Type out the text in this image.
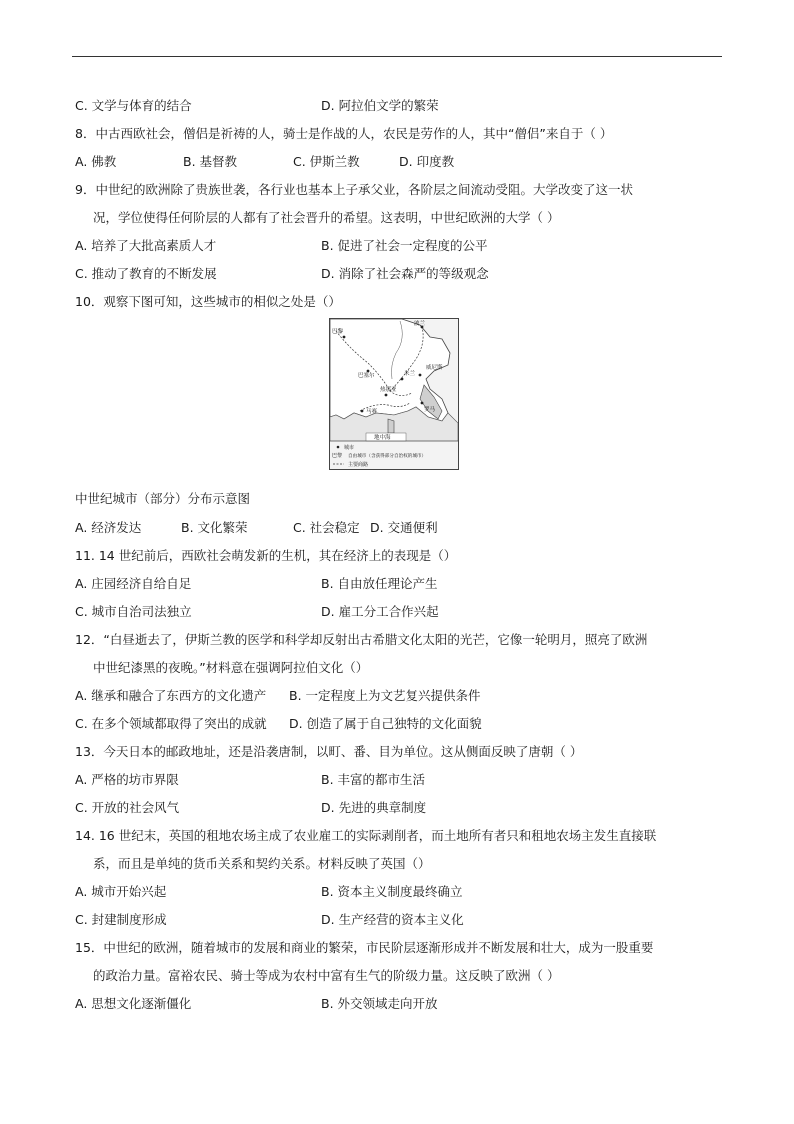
C. 文学与体育的结合	D. 阿拉伯文学的繁荣
8．中古西欧社会，僧侣是祈祷的人，骑士是作战的人，农民是劳作的人，其中“僧侣”来自于（ ）
A. 佛教	B. 基督教	C. 伊斯兰教	D. 印度教
9．中世纪的欧洲除了贵族世袭，各行业也基本上子承父业，各阶层之间流动受阻。大学改变了这一状
况，学位使得任何阶层的人都有了社会晋升的希望。这表明，中世纪欧洲的大学（ ）
A. 培养了大批高素质人才	B. 促进了社会一定程度的公平
C. 推动了教育的不断发展	D. 消除了社会森严的等级观念
10．观察下图可知，这些城市的相似之处是（）
巴黎
波兰
巴塞尔	米兰
威尼斯
马赛
热那亚
罗马
地中海
城市
巴黎 自由城市（含获得部分自治权的城市）
主要商路
中世纪城市（部分）分布示意图
A. 经济发达	B. 文化繁荣	C. 社会稳定 D. 交通便利
11. 14 世纪前后，西欧社会萌发新的生机，其在经济上的表现是（）
A. 庄园经济自给自足	B. 自由放任理论产生
C. 城市自治司法独立	D. 雇工分工合作兴起
12．“白昼逝去了，伊斯兰教的医学和科学却反射出古希腊文化太阳的光芒，它像一轮明月，照亮了欧洲
中世纪漆黑的夜晚。”材料意在强调阿拉伯文化（）
A. 继承和融合了东西方的文化遗产 B. 一定程度上为文艺复兴提供条件
C. 在多个领域都取得了突出的成就 D. 创造了属于自己独特的文化面貌
13．今天日本的邮政地址，还是沿袭唐制，以町、番、目为单位。这从侧面反映了唐朝（ ）
A. 严格的坊市界限	B. 丰富的都市生活
C. 开放的社会风气	D. 先进的典章制度
14. 16 世纪末，英国的租地农场主成了农业雇工的实际剥削者，而土地所有者只和租地农场主发生直接联
系，而且是单纯的货币关系和契约关系。材料反映了英国（）
A. 城市开始兴起	B. 资本主义制度最终确立
C. 封建制度形成	D. 生产经营的资本主义化
15．中世纪的欧洲，随着城市的发展和商业的繁荣，市民阶层逐渐形成并不断发展和壮大，成为一股重要
的政治力量。富裕农民、骑士等成为农村中富有生气的阶级力量。这反映了欧洲（ ）
A. 思想文化逐渐僵化	B. 外交领域走向开放
